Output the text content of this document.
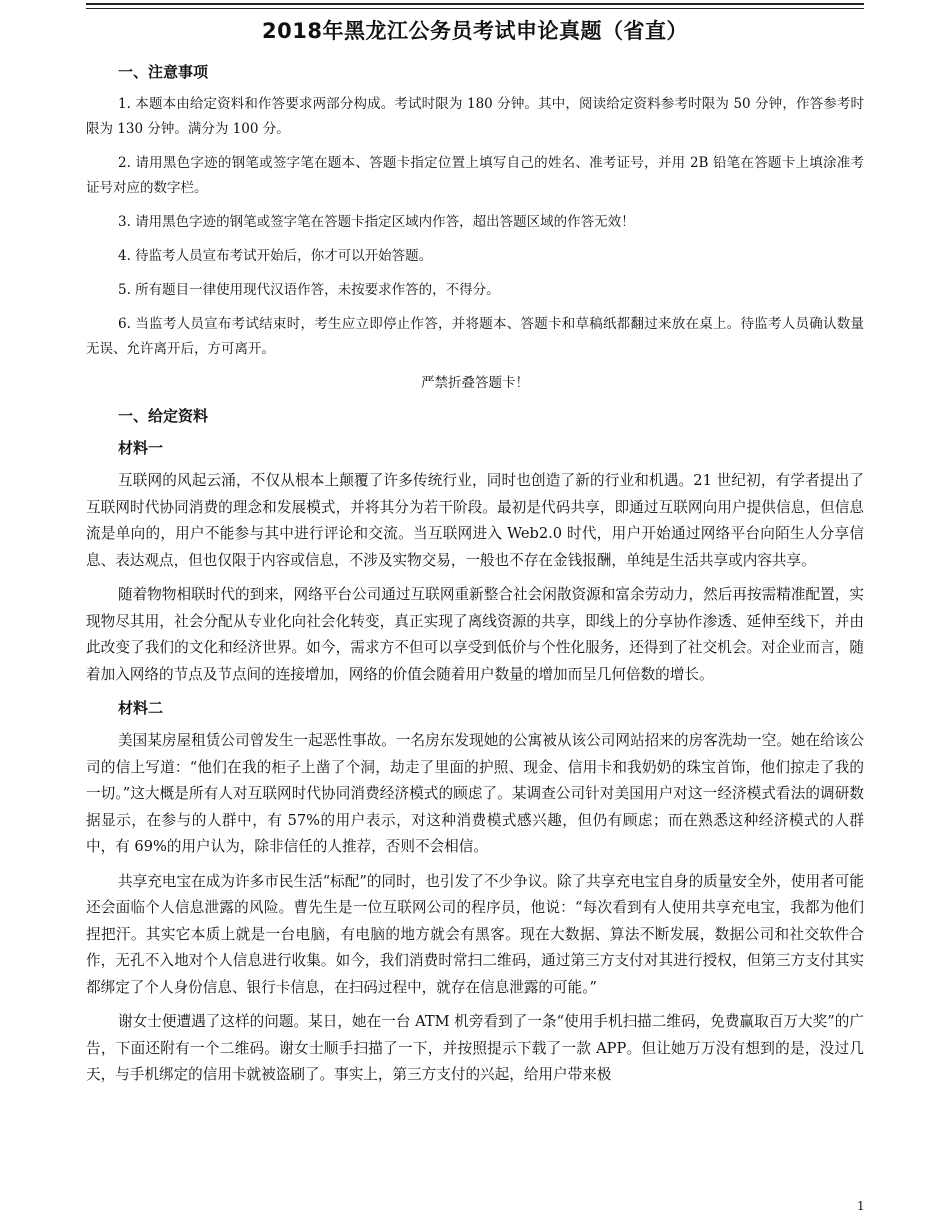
2018年黑龙江公务员考试申论真题（省直）
一、注意事项

1. 本题本由给定资料和作答要求两部分构成。考试时限为 180 分钟。其中，阅读给定资料参考时限为 50 分钟，作答参考时限为 130 分钟。满分为 100 分。

2. 请用黑色字迹的钢笔或签字笔在题本、答题卡指定位置上填写自己的姓名、准考证号，并用 2B 铅笔在答题卡上填涂准考证号对应的数字栏。

3. 请用黑色字迹的钢笔或签字笔在答题卡指定区域内作答，超出答题区域的作答无效！

4. 待监考人员宣布考试开始后，你才可以开始答题。

5. 所有题目一律使用现代汉语作答，未按要求作答的，不得分。

6. 当监考人员宣布考试结束时，考生应立即停止作答，并将题本、答题卡和草稿纸都翻过来放在桌上。待监考人员确认数量无误、允许离开后，方可离开。

严禁折叠答题卡！

一、给定资料
材料一

互联网的风起云涌，不仅从根本上颠覆了许多传统行业，同时也创造了新的行业和机遇。21 世纪初，有学者提出了互联网时代协同消费的理念和发展模式，并将其分为若干阶段。最初是代码共享，即通过互联网向用户提供信息，但信息流是单向的，用户不能参与其中进行评论和交流。当互联网进入 Web2.0 时代，用户开始通过网络平台向陌生人分享信息、表达观点，但也仅限于内容或信息，不涉及实物交易，一般也不存在金钱报酬，单纯是生活共享或内容共享。

随着物物相联时代的到来，网络平台公司通过互联网重新整合社会闲散资源和富余劳动力，然后再按需精准配置，实现物尽其用，社会分配从专业化向社会化转变，真正实现了离线资源的共享，即线上的分享协作渗透、延伸至线下，并由此改变了我们的文化和经济世界。如今，需求方不但可以享受到低价与个性化服务，还得到了社交机会。对企业而言，随着加入网络的节点及节点间的连接增加，网络的价值会随着用户数量的增加而呈几何倍数的增长。

材料二

美国某房屋租赁公司曾发生一起恶性事故。一名房东发现她的公寓被从该公司网站招来的房客洗劫一空。她在给该公司的信上写道：“他们在我的柜子上凿了个洞，劫走了里面的护照、现金、信用卡和我奶奶的珠宝首饰，他们掠走了我的一切。”这大概是所有人对互联网时代协同消费经济模式的顾虑了。某调查公司针对美国用户对这一经济模式看法的调研数据显示，在参与的人群中，有 57%的用户表示，对这种消费模式感兴趣，但仍有顾虑；而在熟悉这种经济模式的人群中，有 69%的用户认为，除非信任的人推荐，否则不会相信。

共享充电宝在成为许多市民生活“标配”的同时，也引发了不少争议。除了共享充电宝自身的质量安全外，使用者可能还会面临个人信息泄露的风险。曹先生是一位互联网公司的程序员，他说：“每次看到有人使用共享充电宝，我都为他们捏把汗。其实它本质上就是一台电脑，有电脑的地方就会有黑客。现在大数据、算法不断发展，数据公司和社交软件合作，无孔不入地对个人信息进行收集。如今，我们消费时常扫二维码，通过第三方支付对其进行授权，但第三方支付其实都绑定了个人身份信息、银行卡信息，在扫码过程中，就存在信息泄露的可能。”

谢女士便遭遇了这样的问题。某日，她在一台 ATM 机旁看到了一条“使用手机扫描二维码，免费赢取百万大奖”的广告，下面还附有一个二维码。谢女士顺手扫描了一下，并按照提示下载了一款 APP。但让她万万没有想到的是，没过几天，与手机绑定的信用卡就被盗刷了。事实上，第三方支付的兴起，给用户带来极

1
